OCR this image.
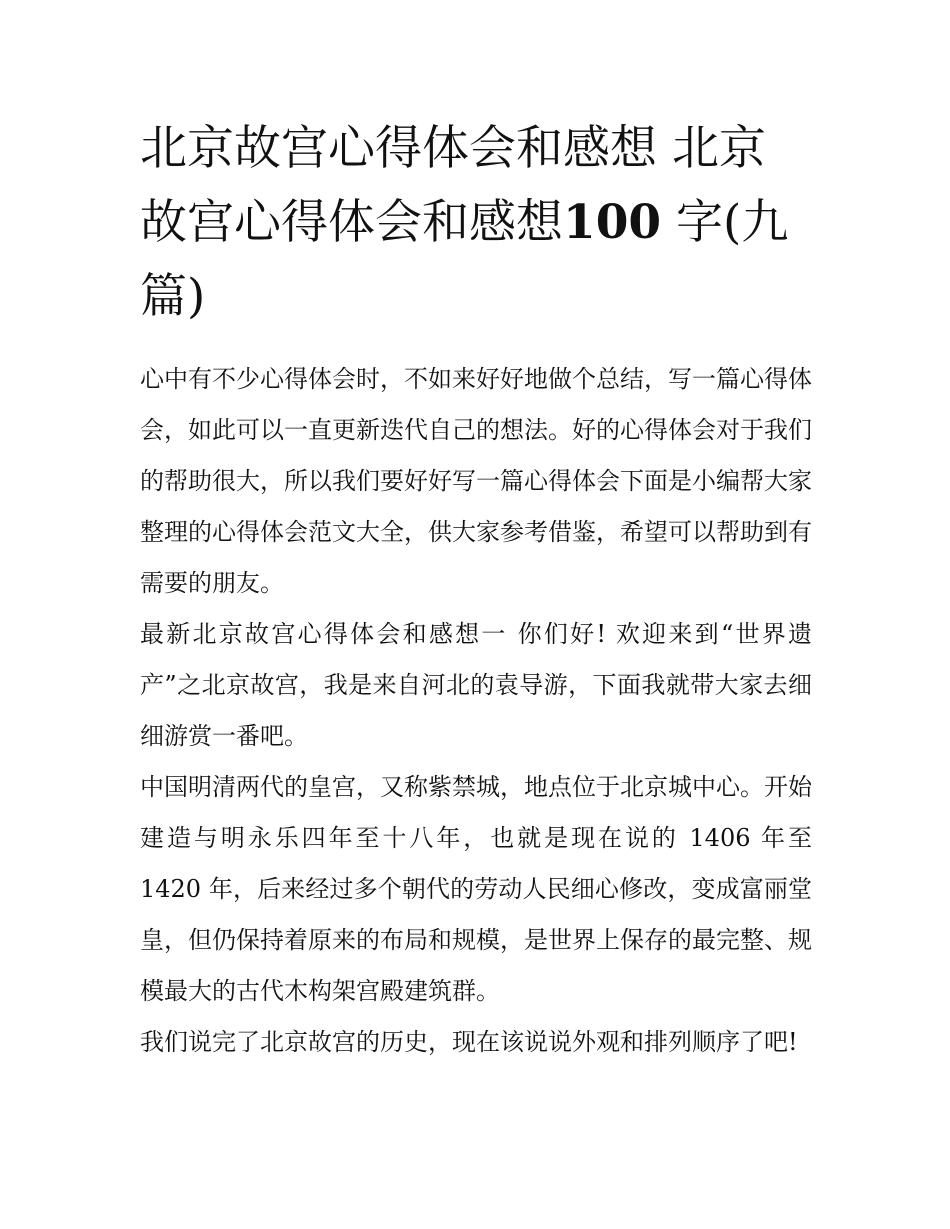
北京故宫心得体会和感想 北京故宫心得体会和感想100 字(九篇)

心中有不少心得体会时，不如来好好地做个总结，写一篇心得体会，如此可以一直更新迭代自己的想法。好的心得体会对于我们的帮助很大，所以我们要好好写一篇心得体会下面是小编帮大家整理的心得体会范文大全，供大家参考借鉴，希望可以帮助到有需要的朋友。

最新北京故宫心得体会和感想一 你们好! 欢迎来到“世界遗产”之北京故宫，我是来自河北的袁导游，下面我就带大家去细细游赏一番吧。

中国明清两代的皇宫，又称紫禁城，地点位于北京城中心。开始建造与明永乐四年至十八年，也就是现在说的 1406 年至 1420 年，后来经过多个朝代的劳动人民细心修改，变成富丽堂皇，但仍保持着原来的布局和规模，是世界上保存的最完整、规模最大的古代木构架宫殿建筑群。

我们说完了北京故宫的历史，现在该说说外观和排列顺序了吧!
